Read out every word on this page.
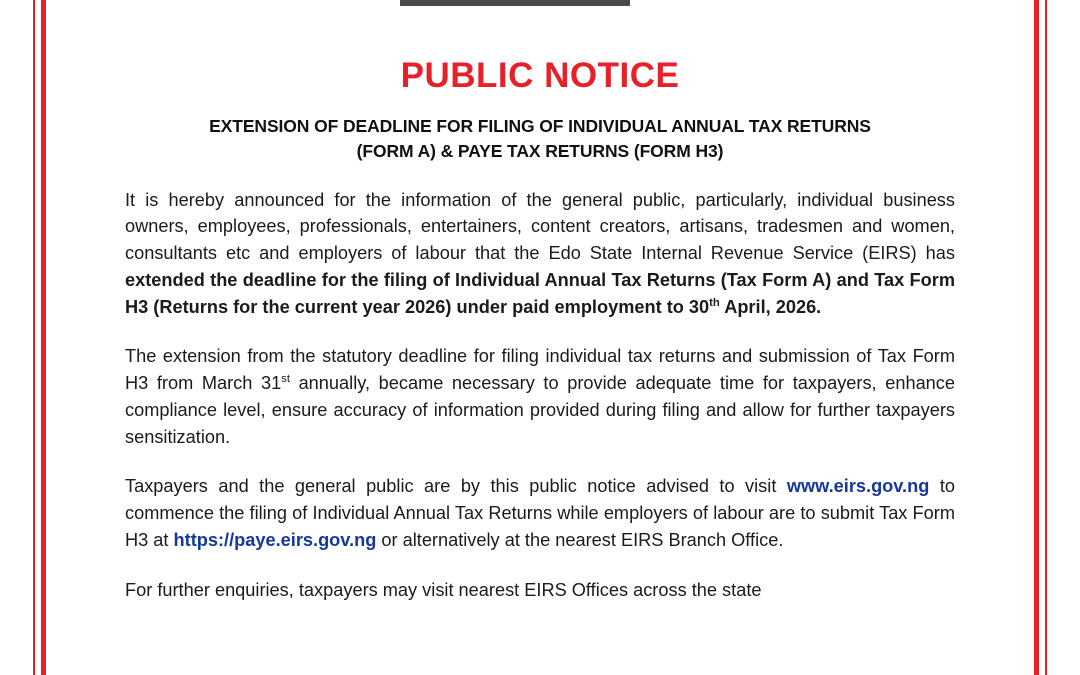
PUBLIC NOTICE
EXTENSION OF DEADLINE FOR FILING OF INDIVIDUAL ANNUAL TAX RETURNS
(FORM A) & PAYE TAX RETURNS (FORM H3)

It is hereby announced for the information of the general public, particularly, individual business owners, employees, professionals, entertainers, content creators, artisans, tradesmen and women, consultants etc and employers of labour that the Edo State Internal Revenue Service (EIRS) has extended the deadline for the filing of Individual Annual Tax Returns (Tax Form A) and Tax Form H3 (Returns for the current year 2026) under paid employment to 30th April, 2026.

The extension from the statutory deadline for filing individual tax returns and submission of Tax Form H3 from March 31st annually, became necessary to provide adequate time for taxpayers, enhance compliance level, ensure accuracy of information provided during filing and allow for further taxpayers sensitization.

Taxpayers and the general public are by this public notice advised to visit www.eirs.gov.ng to commence the filing of Individual Annual Tax Returns while employers of labour are to submit Tax Form H3 at https://paye.eirs.gov.ng or alternatively at the nearest EIRS Branch Office.

For further enquiries, taxpayers may visit nearest EIRS Offices across the state
